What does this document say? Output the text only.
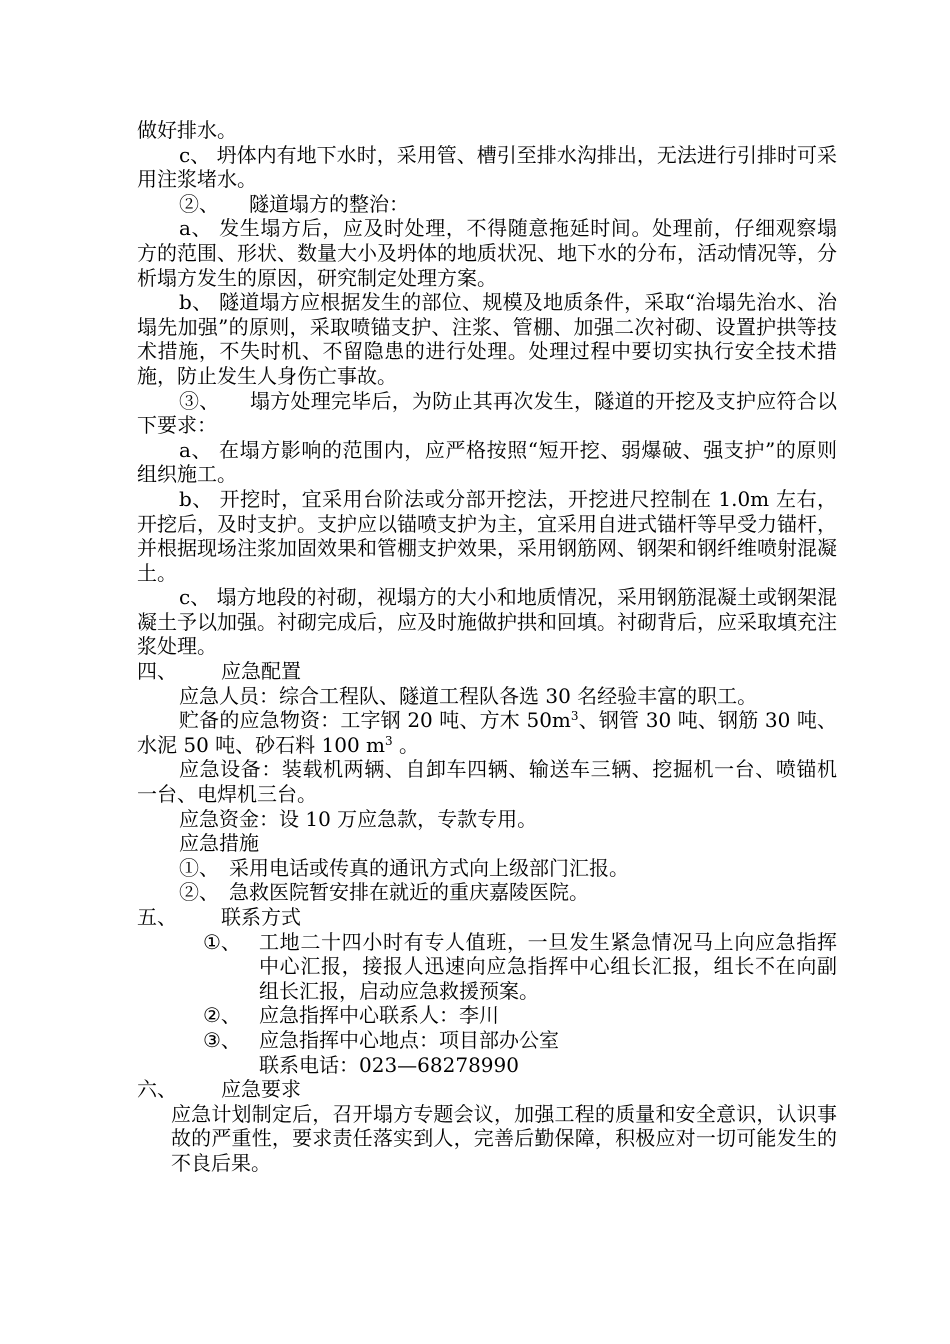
做好排水。

c、 坍体内有地下水时，采用管、槽引至排水沟排出，无法进行引排时可采用注浆堵水。

②、　　隧道塌方的整治：

a、 发生塌方后，应及时处理，不得随意拖延时间。处理前，仔细观察塌方的范围、形状、数量大小及坍体的地质状况、地下水的分布，活动情况等，分析塌方发生的原因，研究制定处理方案。

b、 隧道塌方应根据发生的部位、规模及地质条件，采取“治塌先治水、治塌先加强”的原则，采取喷锚支护、注浆、管棚、加强二次衬砌、设置护拱等技术措施，不失时机、不留隐患的进行处理。处理过程中要切实执行安全技术措施，防止发生人身伤亡事故。

③、　　塌方处理完毕后，为防止其再次发生，隧道的开挖及支护应符合以下要求：

a、 在塌方影响的范围内，应严格按照“短开挖、弱爆破、强支护”的原则组织施工。

b、 开挖时，宜采用台阶法或分部开挖法，开挖进尺控制在 1.0m 左右，开挖后，及时支护。支护应以锚喷支护为主，宜采用自进式锚杆等早受力锚杆，并根据现场注浆加固效果和管棚支护效果，采用钢筋网、钢架和钢纤维喷射混凝土。

c、 塌方地段的衬砌，视塌方的大小和地质情况，采用钢筋混凝土或钢架混凝土予以加强。衬砌完成后，应及时施做护拱和回填。衬砌背后，应采取填充注浆处理。

四、	应急配置

应急人员：综合工程队、隧道工程队各选 30 名经验丰富的职工。

贮备的应急物资：工字钢 20 吨、方木 $50m^3$、钢管 30 吨、钢筋 30 吨、水泥 50 吨、砂石料 100 $m^3$ 。

应急设备：装载机两辆、自卸车四辆、输送车三辆、挖掘机一台、喷锚机一台、电焊机三台。

应急资金：设 10 万应急款，专款专用。

应急措施

①、　采用电话或传真的通讯方式向上级部门汇报。

②、　急救医院暂安排在就近的重庆嘉陵医院。

五、	联系方式
①、 工地二十四小时有专人值班，一旦发生紧急情况马上向应急指挥中心汇报，接报人迅速向应急指挥中心组长汇报，组长不在向副组长汇报，启动应急救援预案。
②、 应急指挥中心联系人：李川
③、 应急指挥中心地点：项目部办公室
联系电话：023—68278990
六、	应急要求

应急计划制定后，召开塌方专题会议，加强工程的质量和安全意识，认识事故的严重性，要求责任落实到人，完善后勤保障，积极应对一切可能发生的不良后果。
